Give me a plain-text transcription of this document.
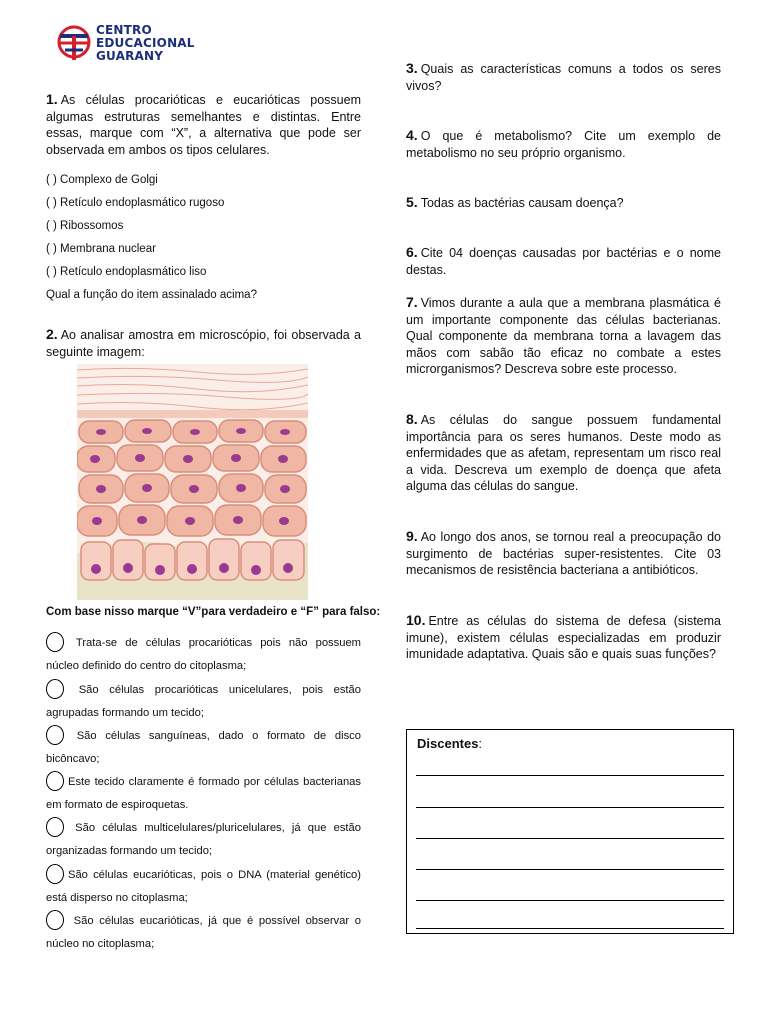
CENTRO
EDUCACIONAL
GUARANY
1. As células procarióticas e eucarióticas possuem algumas estruturas semelhantes e distintas. Entre essas, marque com “X”, a alternativa que pode ser observada em ambos os tipos celulares.
( ) Complexo de Golgi
( ) Retículo endoplasmático rugoso
( ) Ribossomos
( ) Membrana nuclear
( ) Retículo endoplasmático liso
Qual a função do item assinalado acima?
2. Ao analisar amostra em microscópio, foi observada a seguinte imagem:
Com base nisso marque “V”para verdadeiro e “F” para falso:
Trata-se de células procarióticas pois não possuem núcleo definido do centro do citoplasma;
São células procarióticas unicelulares, pois estão agrupadas formando um tecido;
São células sanguíneas, dado o formato de disco bicôncavo;
Este tecido claramente é formado por células bacterianas em formato de espiroquetas.
São células multicelulares/pluricelulares, já que estão organizadas formando um tecido;
São células eucarióticas, pois o DNA (material genético) está disperso no citoplasma;
São células eucarióticas, já que é possível observar o núcleo no citoplasma;
3. Quais as características comuns a todos os seres vivos?
4. O que é metabolismo? Cite um exemplo de metabolismo no seu próprio organismo.
5. Todas as bactérias causam doença?
6. Cite 04 doenças causadas por bactérias e o nome destas.
7. Vimos durante a aula que a membrana plasmática é um importante componente das células bacterianas. Qual componente da membrana torna a lavagem das mãos com sabão tão eficaz no combate a estes microrganismos? Descreva sobre este processo.
8. As células do sangue possuem fundamental importância para os seres humanos. Deste modo as enfermidades que as afetam, representam um risco real a vida. Descreva um exemplo de doença que afeta alguma das células do sangue.
9. Ao longo dos anos, se tornou real a preocupação do surgimento de bactérias super-resistentes. Cite 03 mecanismos de resistência bacteriana a antibióticos.
10. Entre as células do sistema de defesa (sistema imune), existem células especializadas em produzir imunidade adaptativa. Quais são e quais suas funções?
Discentes:
